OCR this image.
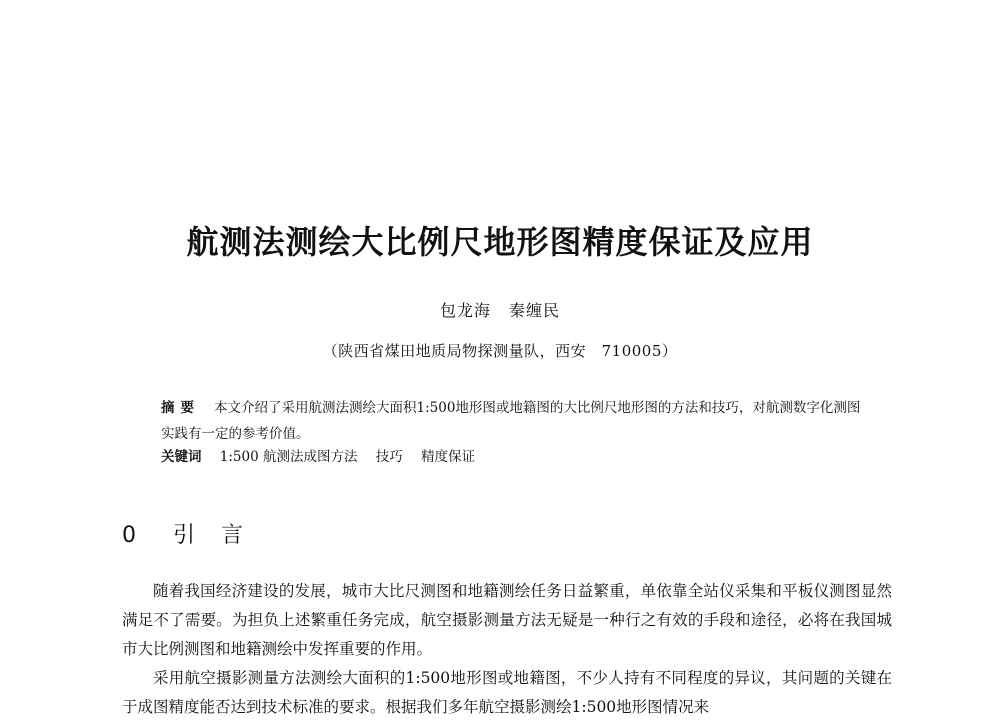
航测法测绘大比例尺地形图精度保证及应用
包龙海 秦缠民
（陕西省煤田地质局物探测量队，西安　710005）
摘要 本文介绍了采用航测法测绘大面积1:500地形图或地籍图的大比例尺地形图的方法和技巧，对航测数字化测图实践有一定的参考价值。
关键词 1:500 航测法成图方法 技巧 精度保证
0 引言

随着我国经济建设的发展，城市大比尺测图和地籍测绘任务日益繁重，单依靠全站仪采集和平板仪测图显然满足不了需要。为担负上述繁重任务完成，航空摄影测量方法无疑是一种行之有效的手段和途径，必将在我国城市大比例测图和地籍测绘中发挥重要的作用。

采用航空摄影测量方法测绘大面积的1:500地形图或地籍图，不少人持有不同程度的异议，其问题的关键在于成图精度能否达到技术标准的要求。根据我们多年航空摄影测绘1:500地形图情况来
